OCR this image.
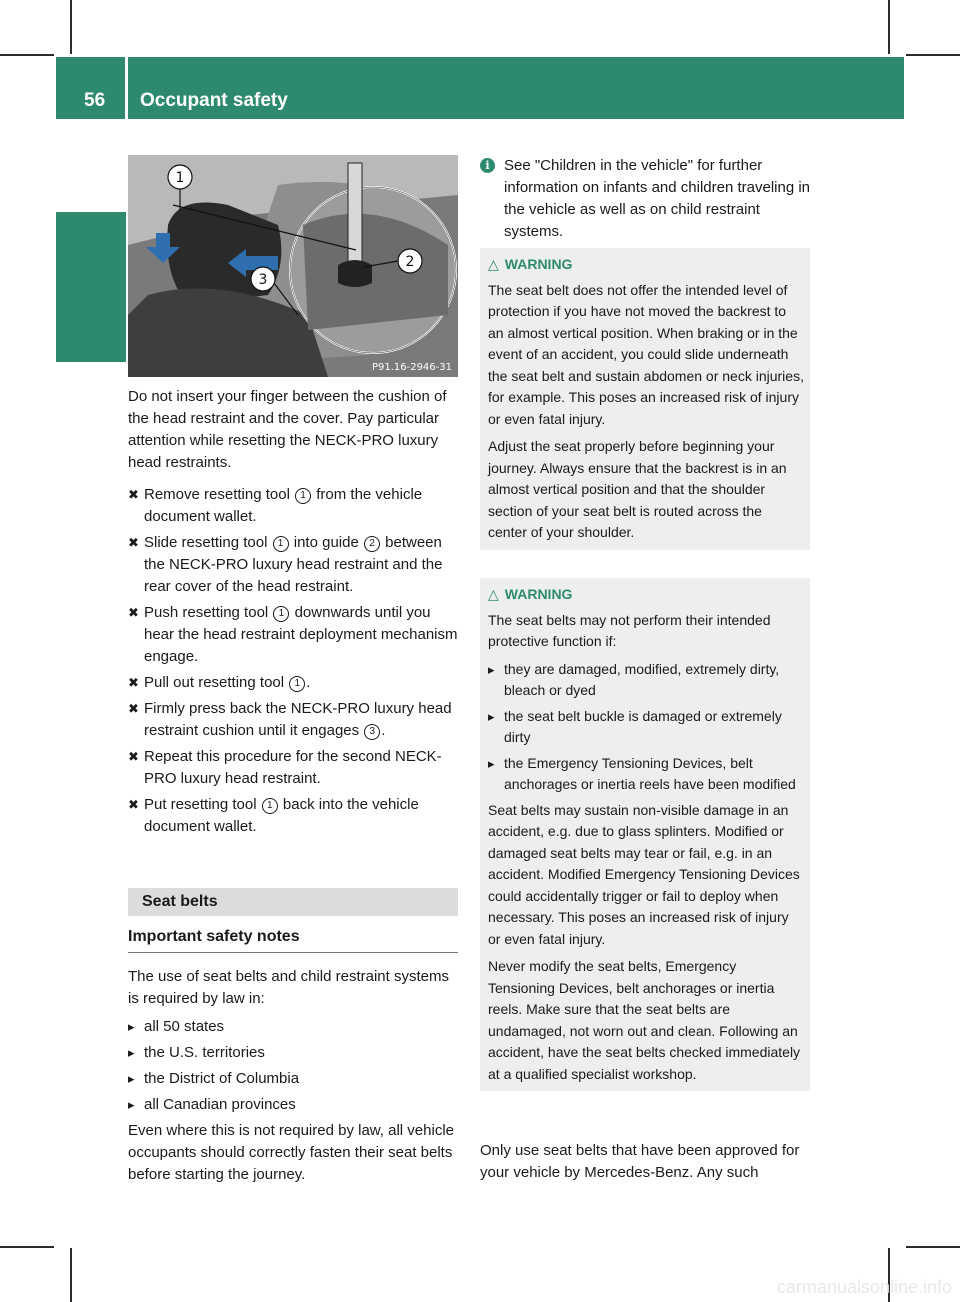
56	Occupant safety
Safety
1
2
3
P91.16-2946-31

Do not insert your finger between the cushion of the head restraint and the cover. Pay particular attention while resetting the NECK-PRO luxury head restraints.

✖ Remove resetting tool 1 from the vehicle document wallet.
✖ Slide resetting tool 1 into guide 2 between the NECK-PRO luxury head restraint and the rear cover of the head restraint.
✖ Push resetting tool 1 downwards until you hear the head restraint deployment mechanism engage.
✖ Pull out resetting tool 1 .
✖ Firmly press back the NECK-PRO luxury head restraint cushion until it engages 3 .
✖ Repeat this procedure for the second NECK-PRO luxury head restraint.
✖ Put resetting tool 1 back into the vehicle document wallet.
Seat belts
Important safety notes

The use of seat belts and child restraint systems is required by law in:

▸ all 50 states
▸ the U.S. territories
▸ the District of Columbia
▸ all Canadian provinces

Even where this is not required by law, all vehicle occupants should correctly fasten their seat belts before starting the journey.

i See "Children in the vehicle" for further information on infants and children traveling in the vehicle as well as on child restraint systems.
△ WARNING

The seat belt does not offer the intended level of protection if you have not moved the backrest to an almost vertical position. When braking or in the event of an accident, you could slide underneath the seat belt and sustain abdomen or neck injuries, for example. This poses an increased risk of injury or even fatal injury.

Adjust the seat properly before beginning your journey. Always ensure that the backrest is in an almost vertical position and that the shoulder section of your seat belt is routed across the center of your shoulder.

△ WARNING

The seat belts may not perform their intended protective function if:

▸ they are damaged, modified, extremely dirty, bleach or dyed
▸ the seat belt buckle is damaged or extremely dirty
▸ the Emergency Tensioning Devices, belt anchorages or inertia reels have been modified

Seat belts may sustain non-visible damage in an accident, e.g. due to glass splinters. Modified or damaged seat belts may tear or fail, e.g. in an accident. Modified Emergency Tensioning Devices could accidentally trigger or fail to deploy when necessary. This poses an increased risk of injury or even fatal injury.

Never modify the seat belts, Emergency Tensioning Devices, belt anchorages or inertia reels. Make sure that the seat belts are undamaged, not worn out and clean. Following an accident, have the seat belts checked immediately at a qualified specialist workshop.

Only use seat belts that have been approved for your vehicle by Mercedes-Benz. Any such
carmanualsonline.info
